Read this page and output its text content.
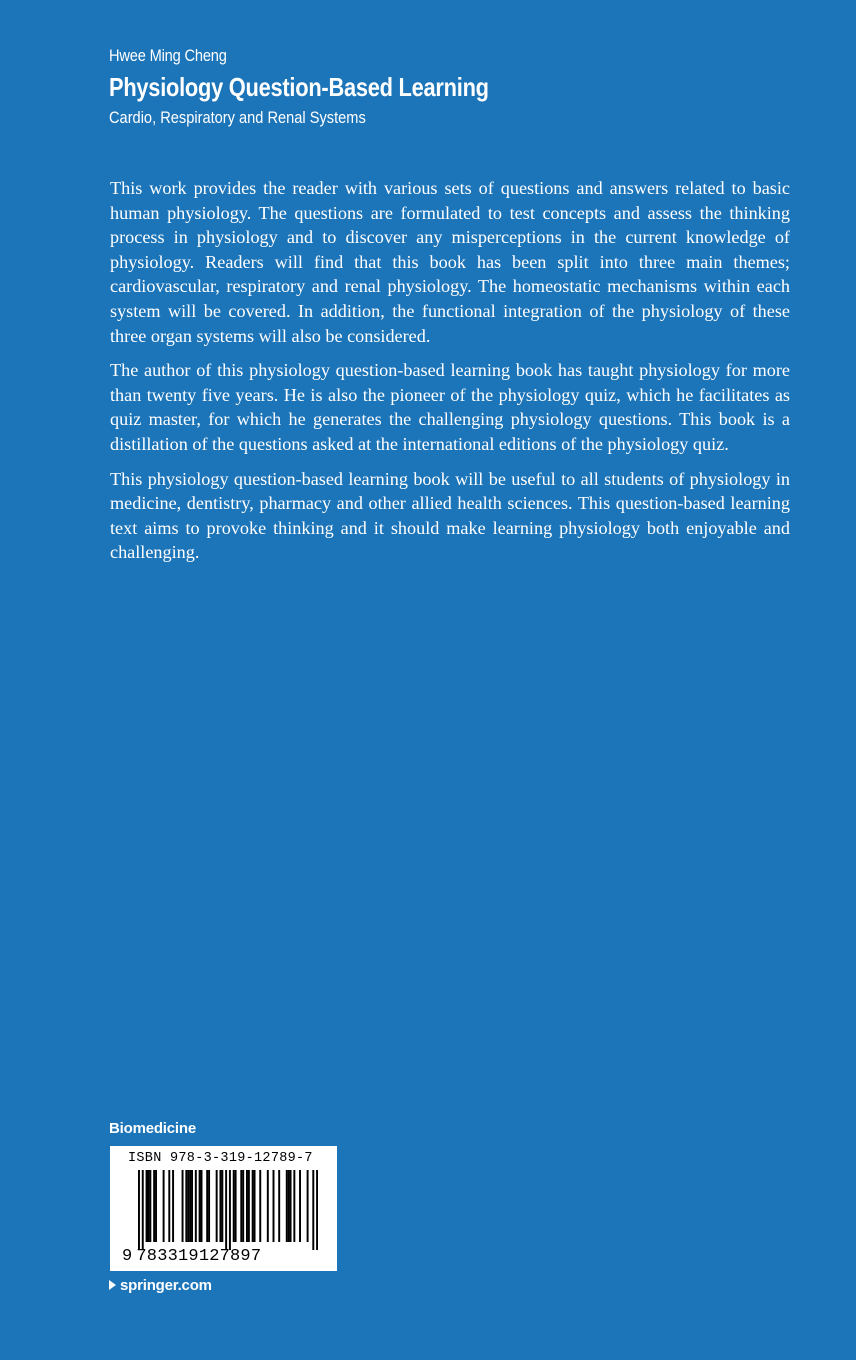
Hwee Ming Cheng
Physiology Question-Based Learning
Cardio, Respiratory and Renal Systems

This work provides the reader with various sets of questions and answers related to basic human physiology. The questions are formulated to test concepts and assess the thinking process in physiology and to discover any misperceptions in the current knowledge of physiology. Readers will find that this book has been split into three main themes; cardiovascular, respiratory and renal physiology. The homeostatic mechanisms within each system will be covered. In addition, the functional integration of the physiology of these three organ systems will also be considered.

The author of this physiology question-based learning book has taught physiology for more than twenty five years. He is also the pioneer of the physiology quiz, which he facilitates as quiz master, for which he generates the challenging physiology questions. This book is a distillation of the questions asked at the international editions of the physiology quiz.

This physiology question-based learning book will be useful to all students of physiology in medicine, dentistry, pharmacy and other allied health sciences. This question-based learning text aims to provoke thinking and it should make learning physiology both enjoyable and challenging.

Biomedicine
ISBN 978-3-319-12789-7
9 783319127897
springer.com
